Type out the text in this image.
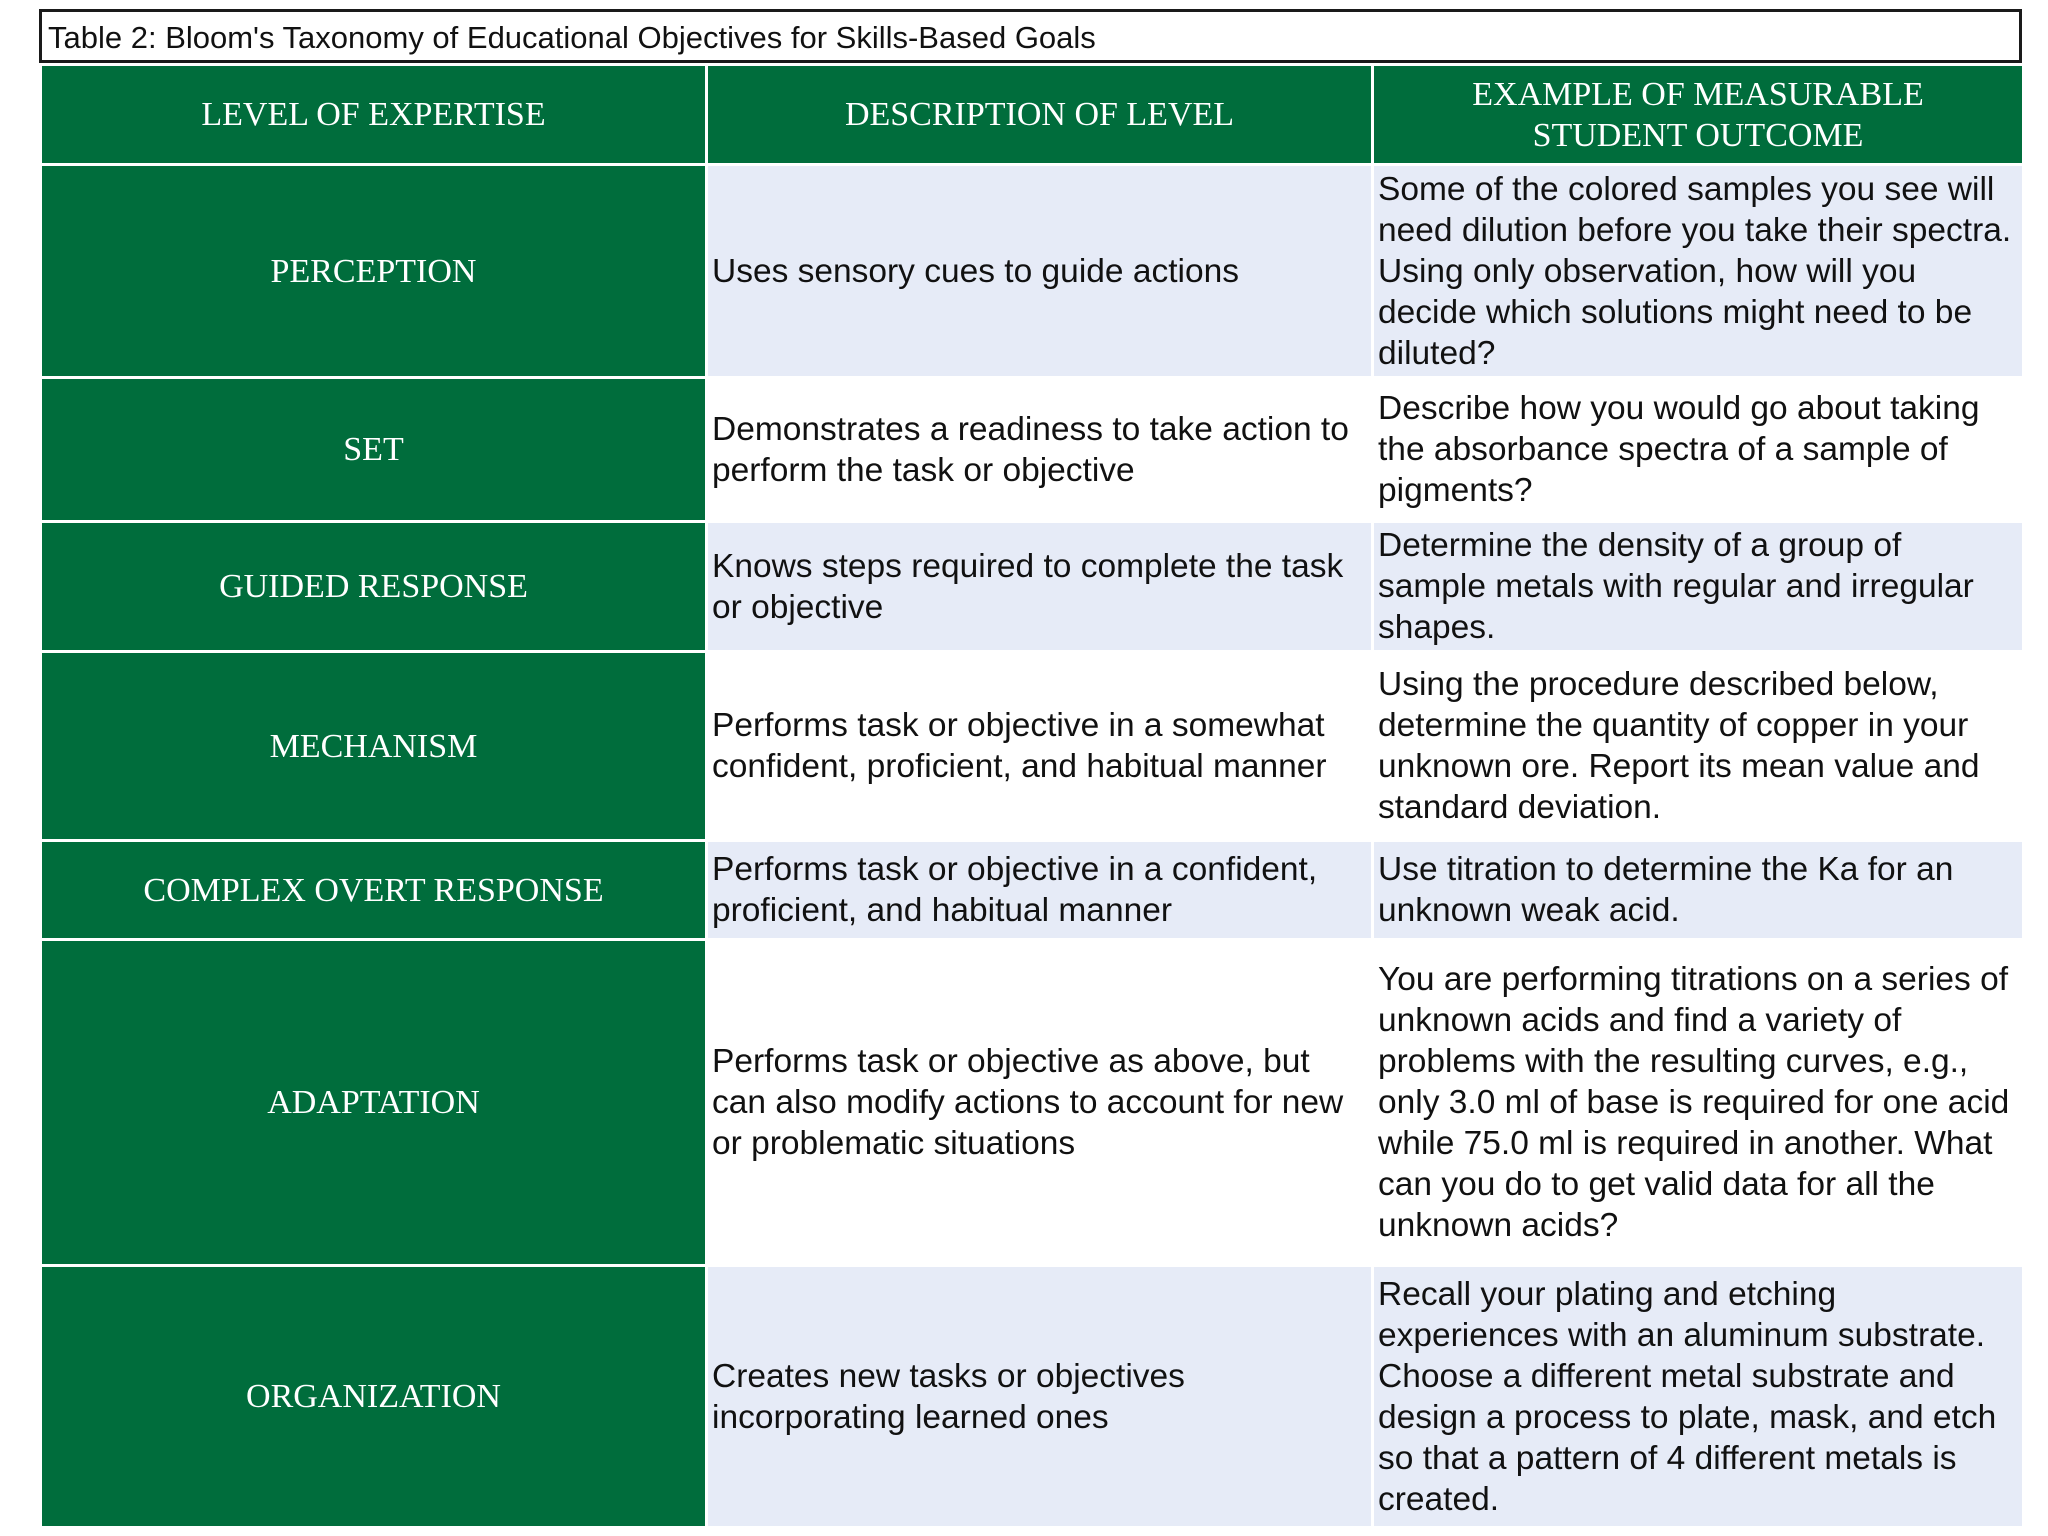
Table 2: Bloom's Taxonomy of Educational Objectives for Skills-Based Goals
LEVEL OF EXPERTISE	DESCRIPTION OF LEVEL	EXAMPLE OF MEASURABLE
STUDENT OUTCOME
PERCEPTION	Uses sensory cues to guide actions	Some of the colored samples you see will need dilution before you take their spectra. Using only observation, how will you decide which solutions might need to be diluted?
SET	Demonstrates a readiness to take action to perform the task or objective	Describe how you would go about taking the absorbance spectra of a sample of pigments?
GUIDED RESPONSE	Knows steps required to complete the task or objective	Determine the density of a group of sample metals with regular and irregular shapes.
MECHANISM	Performs task or objective in a somewhat confident, proficient, and habitual manner	Using the procedure described below, determine the quantity of copper in your unknown ore. Report its mean value and standard deviation.
COMPLEX OVERT RESPONSE	Performs task or objective in a confident, proficient, and habitual manner	Use titration to determine the Ka for an unknown weak acid.
ADAPTATION	Performs task or objective as above, but can also modify actions to account for new or problematic situations	You are performing titrations on a series of unknown acids and find a variety of problems with the resulting curves, e.g., only 3.0 ml of base is required for one acid while 75.0 ml is required in another. What can you do to get valid data for all the unknown acids?
ORGANIZATION	Creates new tasks or objectives incorporating learned ones	Recall your plating and etching experiences with an aluminum substrate. Choose a different metal substrate and design a process to plate, mask, and etch so that a pattern of 4 different metals is created.
